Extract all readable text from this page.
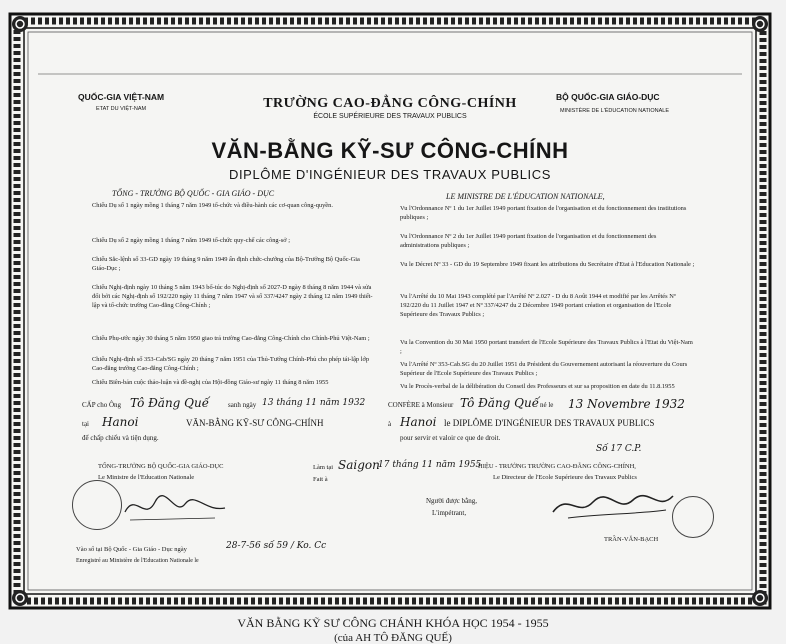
QUỐC-GIA VIỆT-NAM
ETAT DU VIỆT-NAM	TRƯỜNG CAO-ĐẲNG CÔNG-CHÍNH
ÉCOLE SUPÉRIEURE DES TRAVAUX PUBLICS
BỘ QUỐC-GIA GIÁO-DỤC
MINISTÈRE DE L'ÉDUCATION NATIONALE
VĂN-BẰNG KỸ-SƯ CÔNG-CHÍNH
DIPLÔME D'INGÉNIEUR DES TRAVAUX PUBLICS
TỔNG - TRƯỞNG BỘ QUỐC - GIA GIÁO - DỤC
Chiếu Dụ số 1 ngày mồng 1 tháng 7 năm 1949 tổ-chức và điều-hành các cơ-quan công-quyền.
Chiếu Dụ số 2 ngày mồng 1 tháng 7 năm 1949 tổ-chức quy-chế các công-sở ;
Chiếu Sắc-lệnh số 33-GD ngày 19 tháng 9 năm 1949 ấn định chức-chưởng của Bộ-Trưởng Bộ Quốc-Gia Giáo-Dục ;
Chiếu Nghị-định ngày 10 tháng 5 năm 1943 bổ-túc do Nghị-định số 2027-D ngày 8 tháng 8 năm 1944 và sửa đổi bởi các Nghị-định số 192/220 ngày 11 tháng 7 năm 1947 và số 337/4247 ngày 2 tháng 12 năm 1949 thiết-lập và tổ-chức trường Cao-đẳng Công-Chính ;
Chiếu Phụ-ước ngày 30 tháng 5 năm 1950 giao trả trường Cao-đẳng Công-Chính cho Chính-Phủ Việt-Nam ;
Chiếu Nghị-định số 353-Cab/SG ngày 20 tháng 7 năm 1951 của Thủ-Tướng Chính-Phủ cho phép tái-lập lớp Cao-đẳng trường Cao-đẳng Công-Chính ;
Chiếu Biên-bản cuộc thảo-luận và đề-nghị của Hội-đồng Giáo-sư ngày 11 tháng 8 năm 1955
CẤP cho Ông Tô Đăng Quế	sanh ngày 13 tháng 11 năm 1932
tại Hanoi	VĂN-BẰNG KỸ-SƯ CÔNG-CHÍNH
để chấp chiếu và tiện dụng.
LE MINISTRE DE L'ÉDUCATION NATIONALE,
Vu l'Ordonnance Nº 1 du 1er Juillet 1949 portant fixation de l'organisation et du fonctionnement des institutions publiques ;
Vu l'Ordonnance Nº 2 du 1er Juillet 1949 portant fixation de l'organisation et du fonctionnement des administrations publiques ;
Vu le Décret Nº 33 - GD du 19 Septembre 1949 fixant les attributions du Secrétaire d'Etat à l'Education Nationale ;
Vu l'Arrêté du 10 Mai 1943 complété par l'Arrêté Nº 2.027 - D du 8 Août 1944 et modifié par les Arrêtés Nº 192/220 du 11 Juillet 1947 et Nº 337/4247 du 2 Décembre 1949 portant création et organisation de l'Ecole Supérieure des Travaux Publics ;
Vu la Convention du 30 Mai 1950 portant transfert de l'Ecole Supérieure des Travaux Publics à l'Etat du Việt-Nam ;
Vu l'Arrêté Nº 353-Cab.SG du 20 Juillet 1951 du Président du Gouvernement autorisant la réouverture du Cours Supérieur de l'Ecole Supérieure des Travaux Publics ;
Vu le Procès-verbal de la délibération du Conseil des Professeurs et sur sa proposition en date du 11.8.1955
CONFÈRE à Monsieur Tô Đăng Quế né le 13 Novembre 1932
à Hanoi le DIPLÔME D'INGÉNIEUR DES TRAVAUX PUBLICS
pour servir et valoir ce que de droit.
Số 17 C.P.
TỔNG-TRƯỞNG BỘ QUỐC-GIA GIÁO-DỤC
Le Ministre de l'Education Nationale
Làm tại Saigon
17 tháng 11 năm 1955
Fait à
HIỆU - TRƯỞNG TRƯỜNG CAO-ĐẲNG CÔNG-CHÍNH,
Le Directeur de l'Ecole Supérieure des Travaux Publics
Người được bằng,
L'impétrant,
TRẦN-VĂN-BẠCH
Vào sổ tại Bộ Quốc - Gia Giáo - Dục ngày	28-7-56 số 59 / Ko. Cc
Enregistré au Ministère de l'Education Nationale le
VĂN BẰNG KỸ SƯ CÔNG CHÁNH KHÓA HỌC 1954 - 1955
(của AH TÔ ĐĂNG QUẾ)
